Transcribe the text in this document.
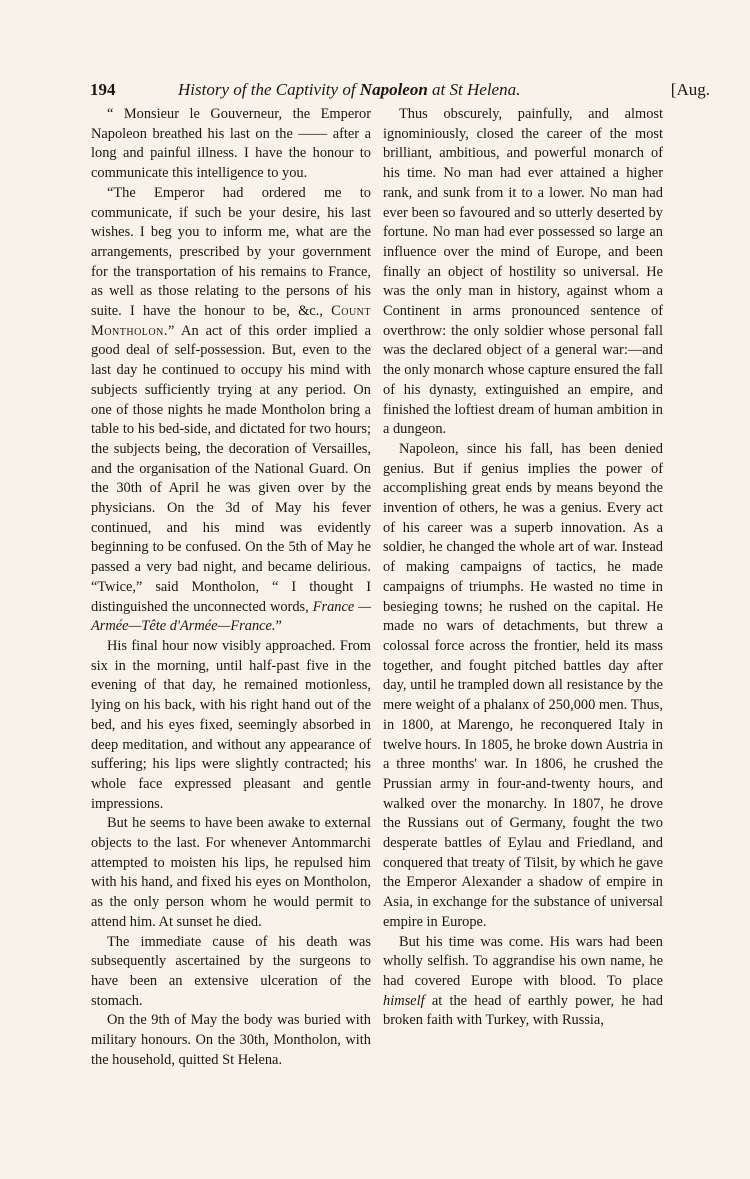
194	History of the Captivity of Napoleon at St Helena.	[Aug.

“ Monsieur le Gouverneur, the Emperor Napoleon breathed his last on the —— after a long and painful illness. I have the honour to communicate this intelligence to you.

“The Emperor had ordered me to communicate, if such be your desire, his last wishes. I beg you to inform me, what are the arrangements, prescribed by your government for the transportation of his remains to France, as well as those relating to the persons of his suite. I have the honour to be, &c., Count Montholon.” An act of this order implied a good deal of self-possession. But, even to the last day he continued to occupy his mind with subjects sufficiently trying at any period. On one of those nights he made Montholon bring a table to his bed-side, and dictated for two hours; the subjects being, the decoration of Versailles, and the organisation of the National Guard. On the 30th of April he was given over by the physicians. On the 3d of May his fever continued, and his mind was evidently beginning to be confused. On the 5th of May he passed a very bad night, and became delirious. “Twice,” said Montholon, “ I thought I distinguished the unconnected words, France —Armée—Tête d'Armée—France.”

His final hour now visibly approached. From six in the morning, until half-past five in the evening of that day, he remained motionless, lying on his back, with his right hand out of the bed, and his eyes fixed, seemingly absorbed in deep meditation, and without any appearance of suffering; his lips were slightly contracted; his whole face expressed pleasant and gentle impressions.

But he seems to have been awake to external objects to the last. For whenever Antommarchi attempted to moisten his lips, he repulsed him with his hand, and fixed his eyes on Montholon, as the only person whom he would permit to attend him. At sunset he died.

The immediate cause of his death was subsequently ascertained by the surgeons to have been an extensive ulceration of the stomach.

On the 9th of May the body was buried with military honours. On the 30th, Montholon, with the household, quitted St Helena.

Thus obscurely, painfully, and almost ignominiously, closed the career of the most brilliant, ambitious, and powerful monarch of his time. No man had ever attained a higher rank, and sunk from it to a lower. No man had ever been so favoured and so utterly deserted by fortune. No man had ever possessed so large an influence over the mind of Europe, and been finally an object of hostility so universal. He was the only man in history, against whom a Continent in arms pronounced sentence of overthrow: the only soldier whose personal fall was the declared object of a general war:—and the only monarch whose capture ensured the fall of his dynasty, extinguished an empire, and finished the loftiest dream of human ambition in a dungeon.

Napoleon, since his fall, has been denied genius. But if genius implies the power of accomplishing great ends by means beyond the invention of others, he was a genius. Every act of his career was a superb innovation. As a soldier, he changed the whole art of war. Instead of making campaigns of tactics, he made campaigns of triumphs. He wasted no time in besieging towns; he rushed on the capital. He made no wars of detachments, but threw a colossal force across the frontier, held its mass together, and fought pitched battles day after day, until he trampled down all resistance by the mere weight of a phalanx of 250,000 men. Thus, in 1800, at Marengo, he reconquered Italy in twelve hours. In 1805, he broke down Austria in a three months' war. In 1806, he crushed the Prussian army in four-and-twenty hours, and walked over the monarchy. In 1807, he drove the Russians out of Germany, fought the two desperate battles of Eylau and Friedland, and conquered that treaty of Tilsit, by which he gave the Emperor Alexander a shadow of empire in Asia, in exchange for the substance of universal empire in Europe.

But his time was come. His wars had been wholly selfish. To aggrandise his own name, he had covered Europe with blood. To place himself at the head of earthly power, he had broken faith with Turkey, with Russia,
